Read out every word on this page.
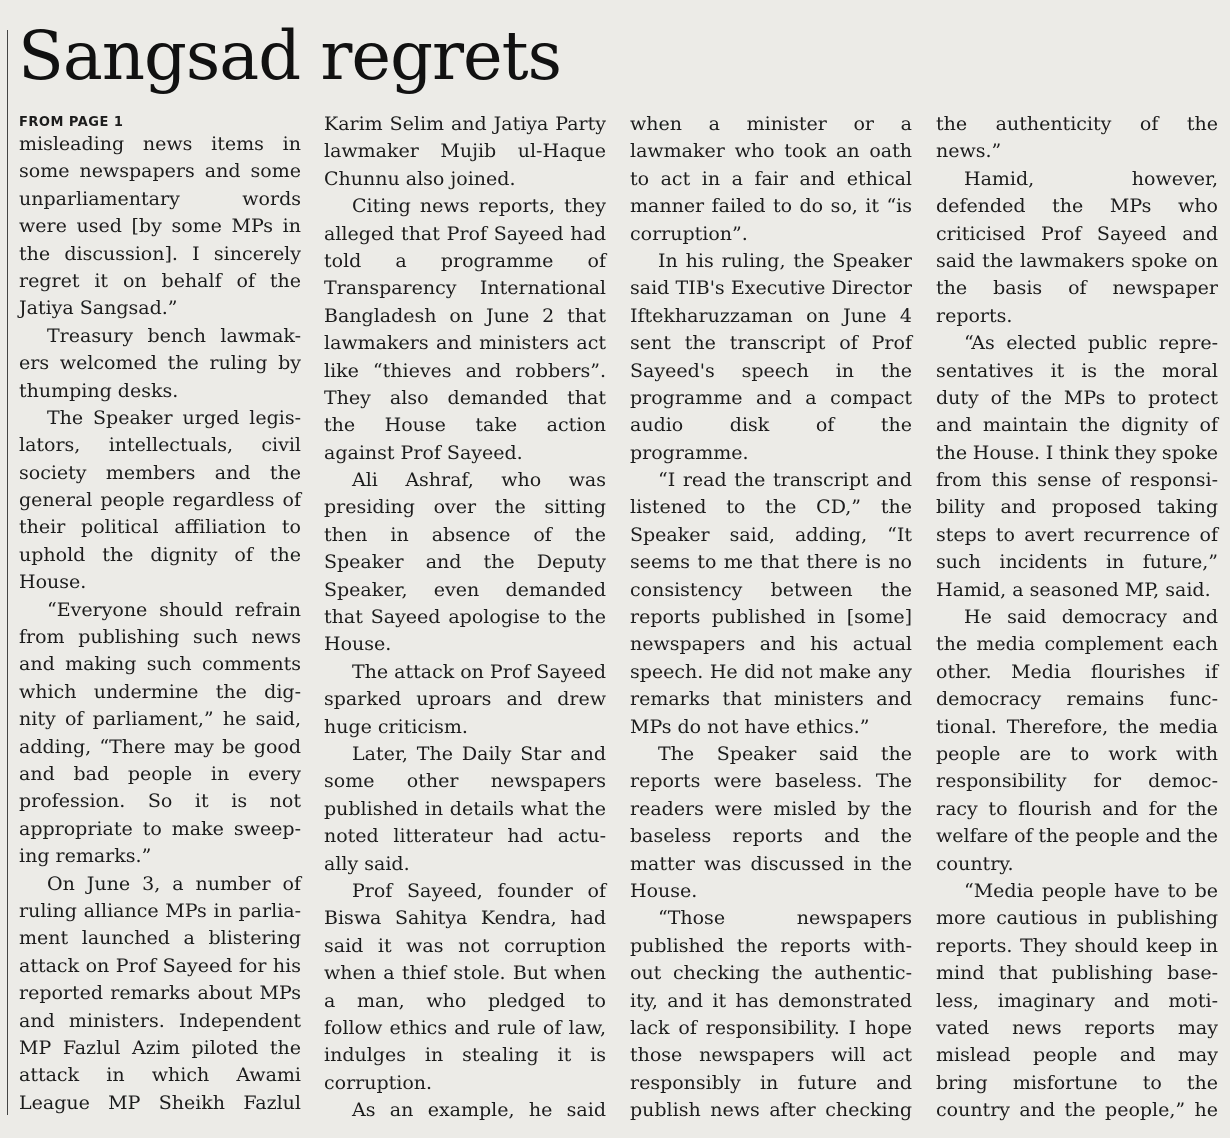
Sangsad regrets
FROM PAGE 1
misleading news items in
some newspapers and some
unparliamentary words
were used [by some MPs in
the discussion]. I sincerely
regret it on behalf of the
Jatiya Sangsad.”
Treasury bench lawmak-
ers welcomed the ruling by
thumping desks.
The Speaker urged legis-
lators, intellectuals, civil
society members and the
general people regardless of
their political affiliation to
uphold the dignity of the
House.
“Everyone should refrain
from publishing such news
and making such comments
which undermine the dig-
nity of parliament,” he said,
adding, “There may be good
and bad people in every
profession. So it is not
appropriate to make sweep-
ing remarks.”
On June 3, a number of
ruling alliance MPs in parlia-
ment launched a blistering
attack on Prof Sayeed for his
reported remarks about MPs
and ministers. Independent
MP Fazlul Azim piloted the
attack in which Awami
League MP Sheikh Fazlul
Karim Selim and Jatiya Party
lawmaker Mujib ul-Haque
Chunnu also joined.
Citing news reports, they
alleged that Prof Sayeed had
told a programme of
Transparency International
Bangladesh on June 2 that
lawmakers and ministers act
like “thieves and robbers”.
They also demanded that
the House take action
against Prof Sayeed.
Ali Ashraf, who was
presiding over the sitting
then in absence of the
Speaker and the Deputy
Speaker, even demanded
that Sayeed apologise to the
House.
The attack on Prof Sayeed
sparked uproars and drew
huge criticism.
Later, The Daily Star and
some other newspapers
published in details what the
noted litterateur had actu-
ally said.
Prof Sayeed, founder of
Biswa Sahitya Kendra, had
said it was not corruption
when a thief stole. But when
a man, who pledged to
follow ethics and rule of law,
indulges in stealing it is
corruption.
As an example, he said
when a minister or a
lawmaker who took an oath
to act in a fair and ethical
manner failed to do so, it “is
corruption”.
In his ruling, the Speaker
said TIB's Executive Director
Iftekharuzzaman on June 4
sent the transcript of Prof
Sayeed's speech in the
programme and a compact
audio disk of the
programme.
“I read the transcript and
listened to the CD,” the
Speaker said, adding, “It
seems to me that there is no
consistency between the
reports published in [some]
newspapers and his actual
speech. He did not make any
remarks that ministers and
MPs do not have ethics.”
The Speaker said the
reports were baseless. The
readers were misled by the
baseless reports and the
matter was discussed in the
House.
“Those newspapers
published the reports with-
out checking the authentic-
ity, and it has demonstrated
lack of responsibility. I hope
those newspapers will act
responsibly in future and
publish news after checking
the authenticity of the
news.”
Hamid, however,
defended the MPs who
criticised Prof Sayeed and
said the lawmakers spoke on
the basis of newspaper
reports.
“As elected public repre-
sentatives it is the moral
duty of the MPs to protect
and maintain the dignity of
the House. I think they spoke
from this sense of responsi-
bility and proposed taking
steps to avert recurrence of
such incidents in future,”
Hamid, a seasoned MP, said.
He said democracy and
the media complement each
other. Media flourishes if
democracy remains func-
tional. Therefore, the media
people are to work with
responsibility for democ-
racy to flourish and for the
welfare of the people and the
country.
“Media people have to be
more cautious in publishing
reports. They should keep in
mind that publishing base-
less, imaginary and moti-
vated news reports may
mislead people and may
bring misfortune to the
country and the people,” he
